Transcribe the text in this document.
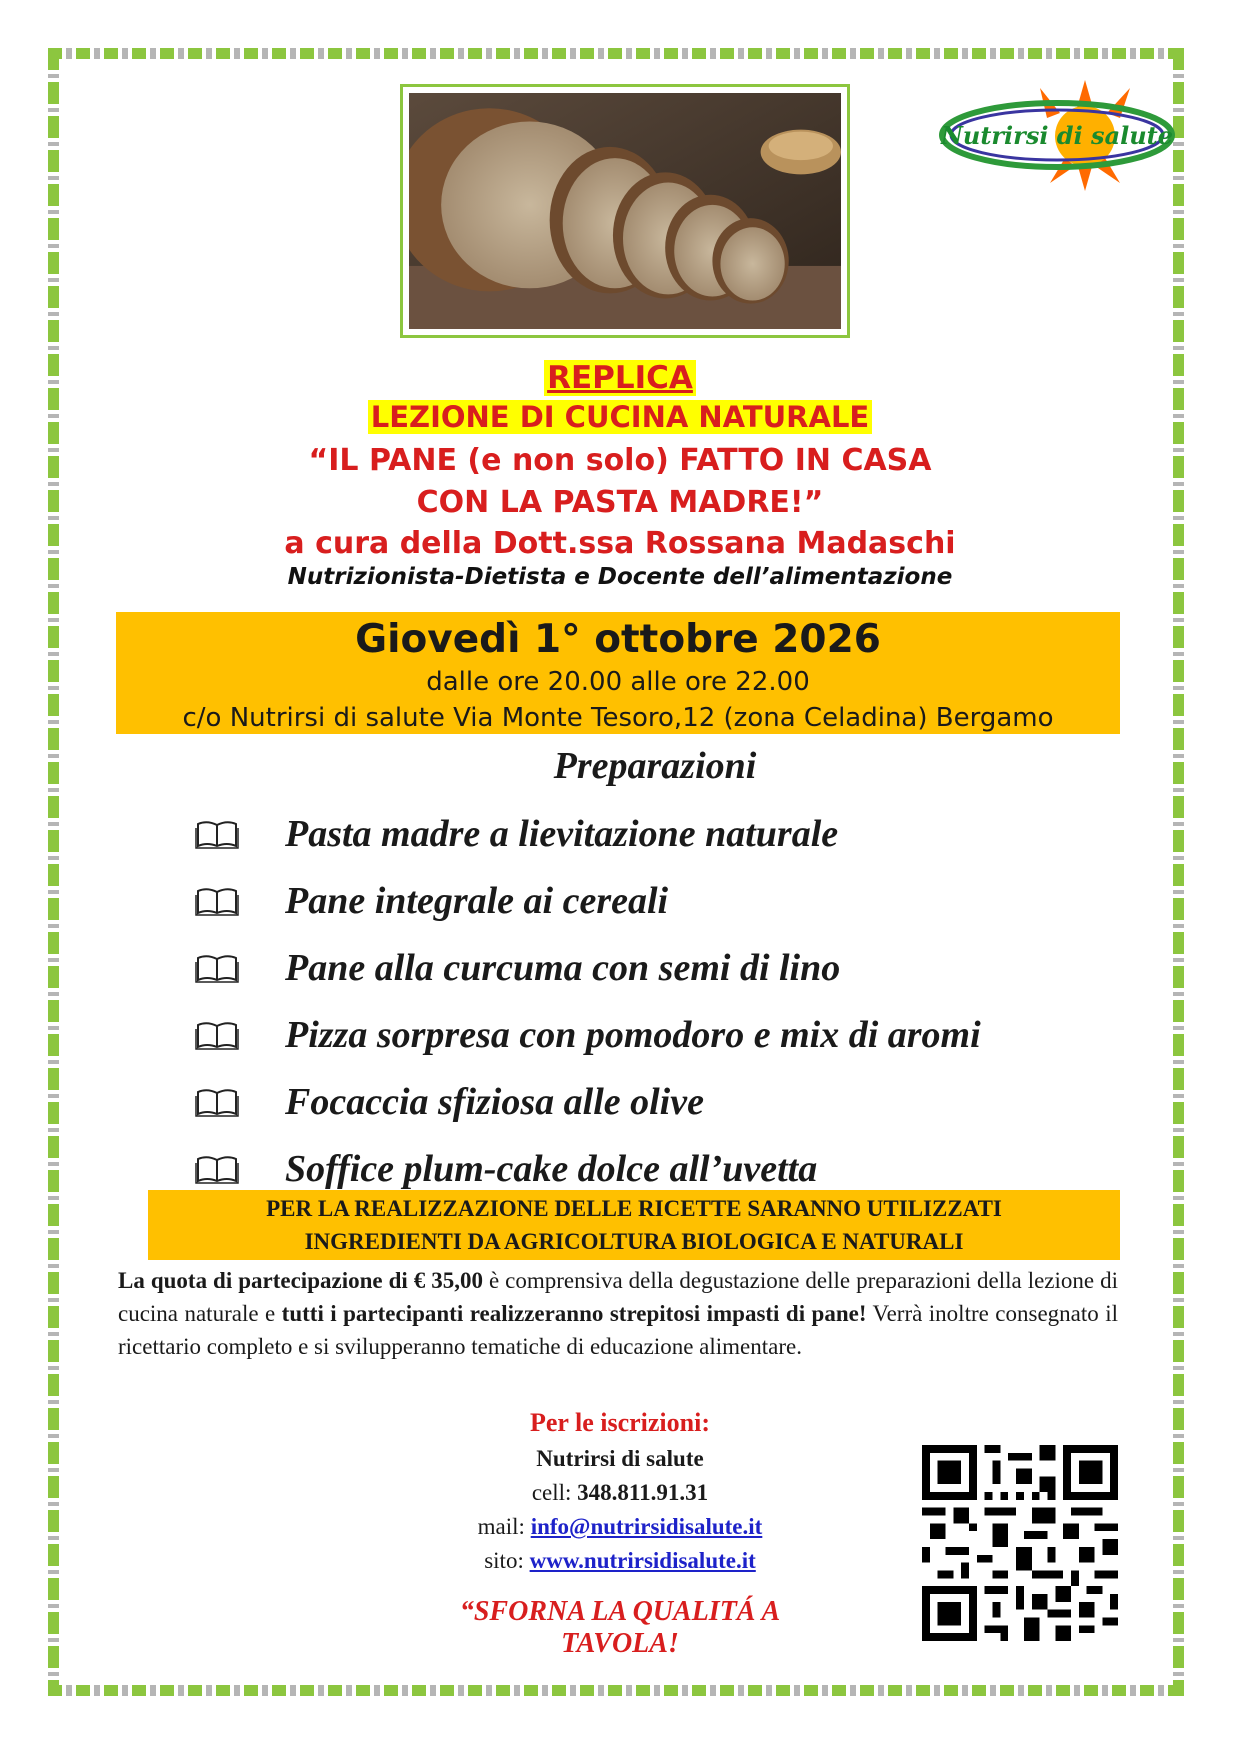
Nutrirsi di salute
REPLICA
LEZIONE DI CUCINA NATURALE
“IL PANE (e non solo) FATTO IN CASA
CON LA PASTA MADRE!”
a cura della Dott.ssa Rossana Madaschi
Nutrizionista-Dietista e Docente dell’alimentazione
Giovedì 1° ottobre 2026
dalle ore 20.00 alle ore 22.00
c/o Nutrirsi di salute Via Monte Tesoro,12 (zona Celadina) Bergamo
Preparazioni
Pasta madre a lievitazione naturale
Pane integrale ai cereali
Pane alla curcuma con semi di lino
Pizza sorpresa con pomodoro e mix di aromi
Focaccia sfiziosa alle olive
Soffice plum-cake dolce all’uvetta
PER LA REALIZZAZIONE DELLE RICETTE SARANNO UTILIZZATI
INGREDIENTI DA AGRICOLTURA BIOLOGICA E NATURALI
La quota di partecipazione di € 35,00 è comprensiva della degustazione delle preparazioni della lezione di cucina naturale e tutti i partecipanti realizzeranno strepitosi impasti di pane! Verrà inoltre consegnato il ricettario completo e si svilupperanno tematiche di educazione alimentare.
Per le iscrizioni:
Nutrirsi di salute
cell: 348.811.91.31
mail: info@nutrirsidisalute.it
sito: www.nutrirsidisalute.it
“SFORNA LA QUALITÁ A TAVOLA!
